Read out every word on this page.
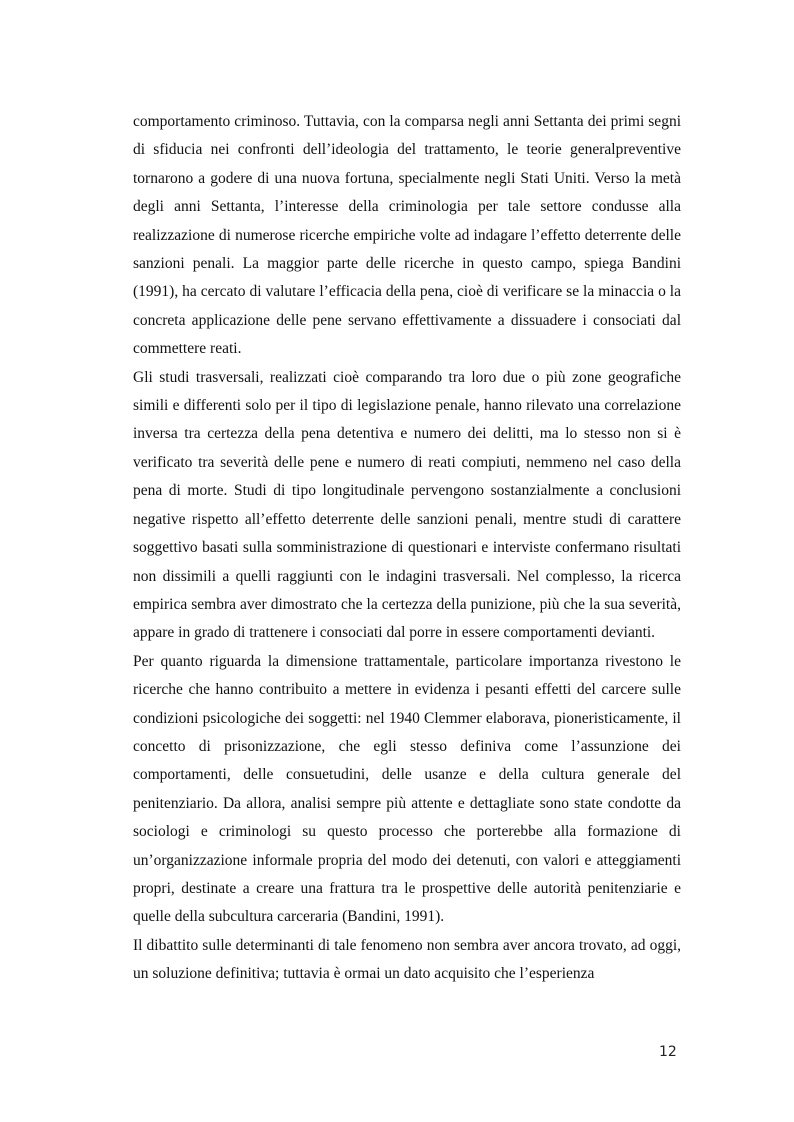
comportamento criminoso. Tuttavia, con la comparsa negli anni Settanta dei primi segni di sfiducia nei confronti dell’ideologia del trattamento, le teorie generalpreventive tornarono a godere di una nuova fortuna, specialmente negli Stati Uniti. Verso la metà degli anni Settanta, l’interesse della criminologia per tale settore condusse alla realizzazione di numerose ricerche empiriche volte ad indagare l’effetto deterrente delle sanzioni penali. La maggior parte delle ricerche in questo campo, spiega Bandini (1991), ha cercato di valutare l’efficacia della pena, cioè di verificare se la minaccia o la concreta applicazione delle pene servano effettivamente a dissuadere i consociati dal commettere reati.

Gli studi trasversali, realizzati cioè comparando tra loro due o più zone geografiche simili e differenti solo per il tipo di legislazione penale, hanno rilevato una correlazione inversa tra certezza della pena detentiva e numero dei delitti, ma lo stesso non si è verificato tra severità delle pene e numero di reati compiuti, nemmeno nel caso della pena di morte. Studi di tipo longitudinale pervengono sostanzialmente a conclusioni negative rispetto all’effetto deterrente delle sanzioni penali, mentre studi di carattere soggettivo basati sulla somministrazione di questionari e interviste confermano risultati non dissimili a quelli raggiunti con le indagini trasversali. Nel complesso, la ricerca empirica sembra aver dimostrato che la certezza della punizione, più che la sua severità, appare in grado di trattenere i consociati dal porre in essere comportamenti devianti.

Per quanto riguarda la dimensione trattamentale, particolare importanza rivestono le ricerche che hanno contribuito a mettere in evidenza i pesanti effetti del carcere sulle condizioni psicologiche dei soggetti: nel 1940 Clemmer elaborava, pioneristicamente, il concetto di prisonizzazione, che egli stesso definiva come l’assunzione dei comportamenti, delle consuetudini, delle usanze e della cultura generale del penitenziario. Da allora, analisi sempre più attente e dettagliate sono state condotte da sociologi e criminologi su questo processo che porterebbe alla formazione di un’organizzazione informale propria del modo dei detenuti, con valori e atteggiamenti propri, destinate a creare una frattura tra le prospettive delle autorità penitenziarie e quelle della subcultura carceraria (Bandini, 1991).

Il dibattito sulle determinanti di tale fenomeno non sembra aver ancora trovato, ad oggi, un soluzione definitiva; tuttavia è ormai un dato acquisito che l’esperienza

12
